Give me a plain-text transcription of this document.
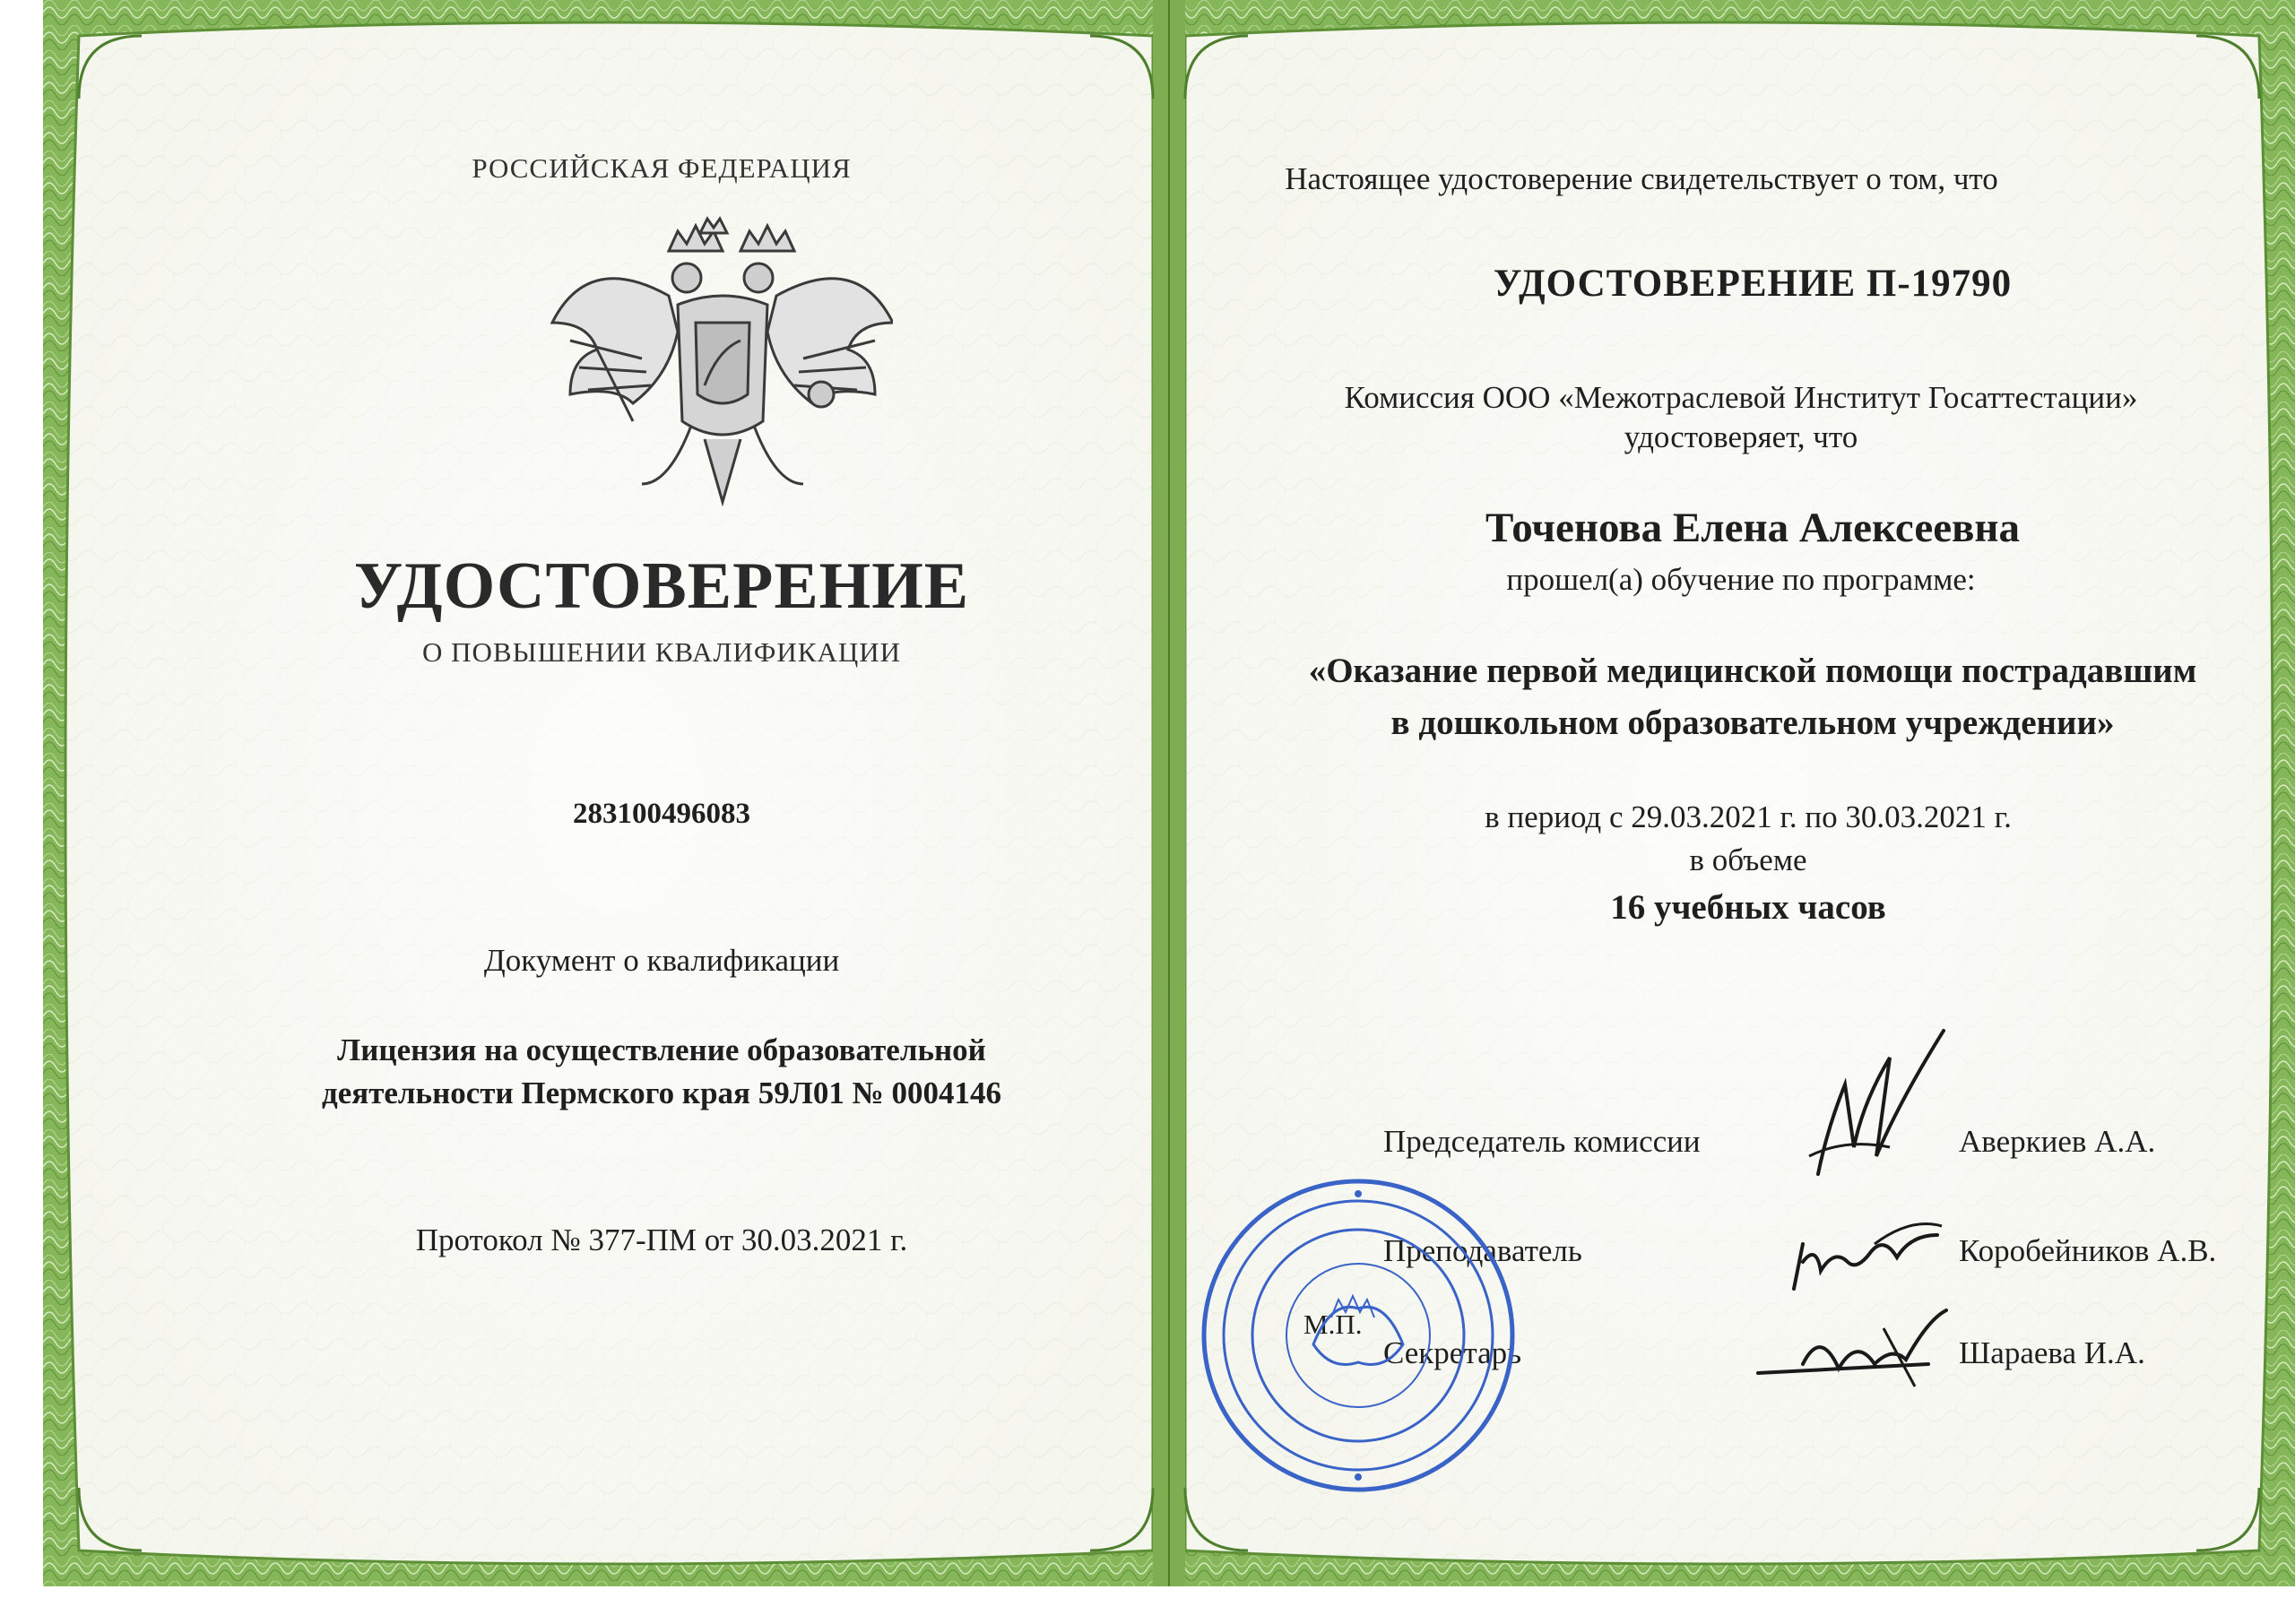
РОССИЙСКАЯ ФЕДЕРАЦИЯ
УДОСТОВЕРЕНИЕ
О ПОВЫШЕНИИ КВАЛИФИКАЦИИ
283100496083
Документ о квалификации
Лицензия на осуществление образовательной
деятельности Пермского края 59Л01 № 0004146
Протокол № 377-ПМ от 30.03.2021 г.
Настоящее удостоверение свидетельствует о том, что
УДОСТОВЕРЕНИЕ П-19790
Комиссия ООО «Межотраслевой Институт Госаттестации»
удостоверяет, что
Точенова Елена Алексеевна
прошел(а) обучение по программе:
«Оказание первой медицинской помощи пострадавшим
в дошкольном образовательном учреждении»
в период с 29.03.2021 г. по 30.03.2021 г.
в объеме
16 учебных часов
Председатель комиссии	Аверкиев А.А.
Преподаватель	Коробейников А.В.
Секретарь	Шараева И.А.
М.П.
